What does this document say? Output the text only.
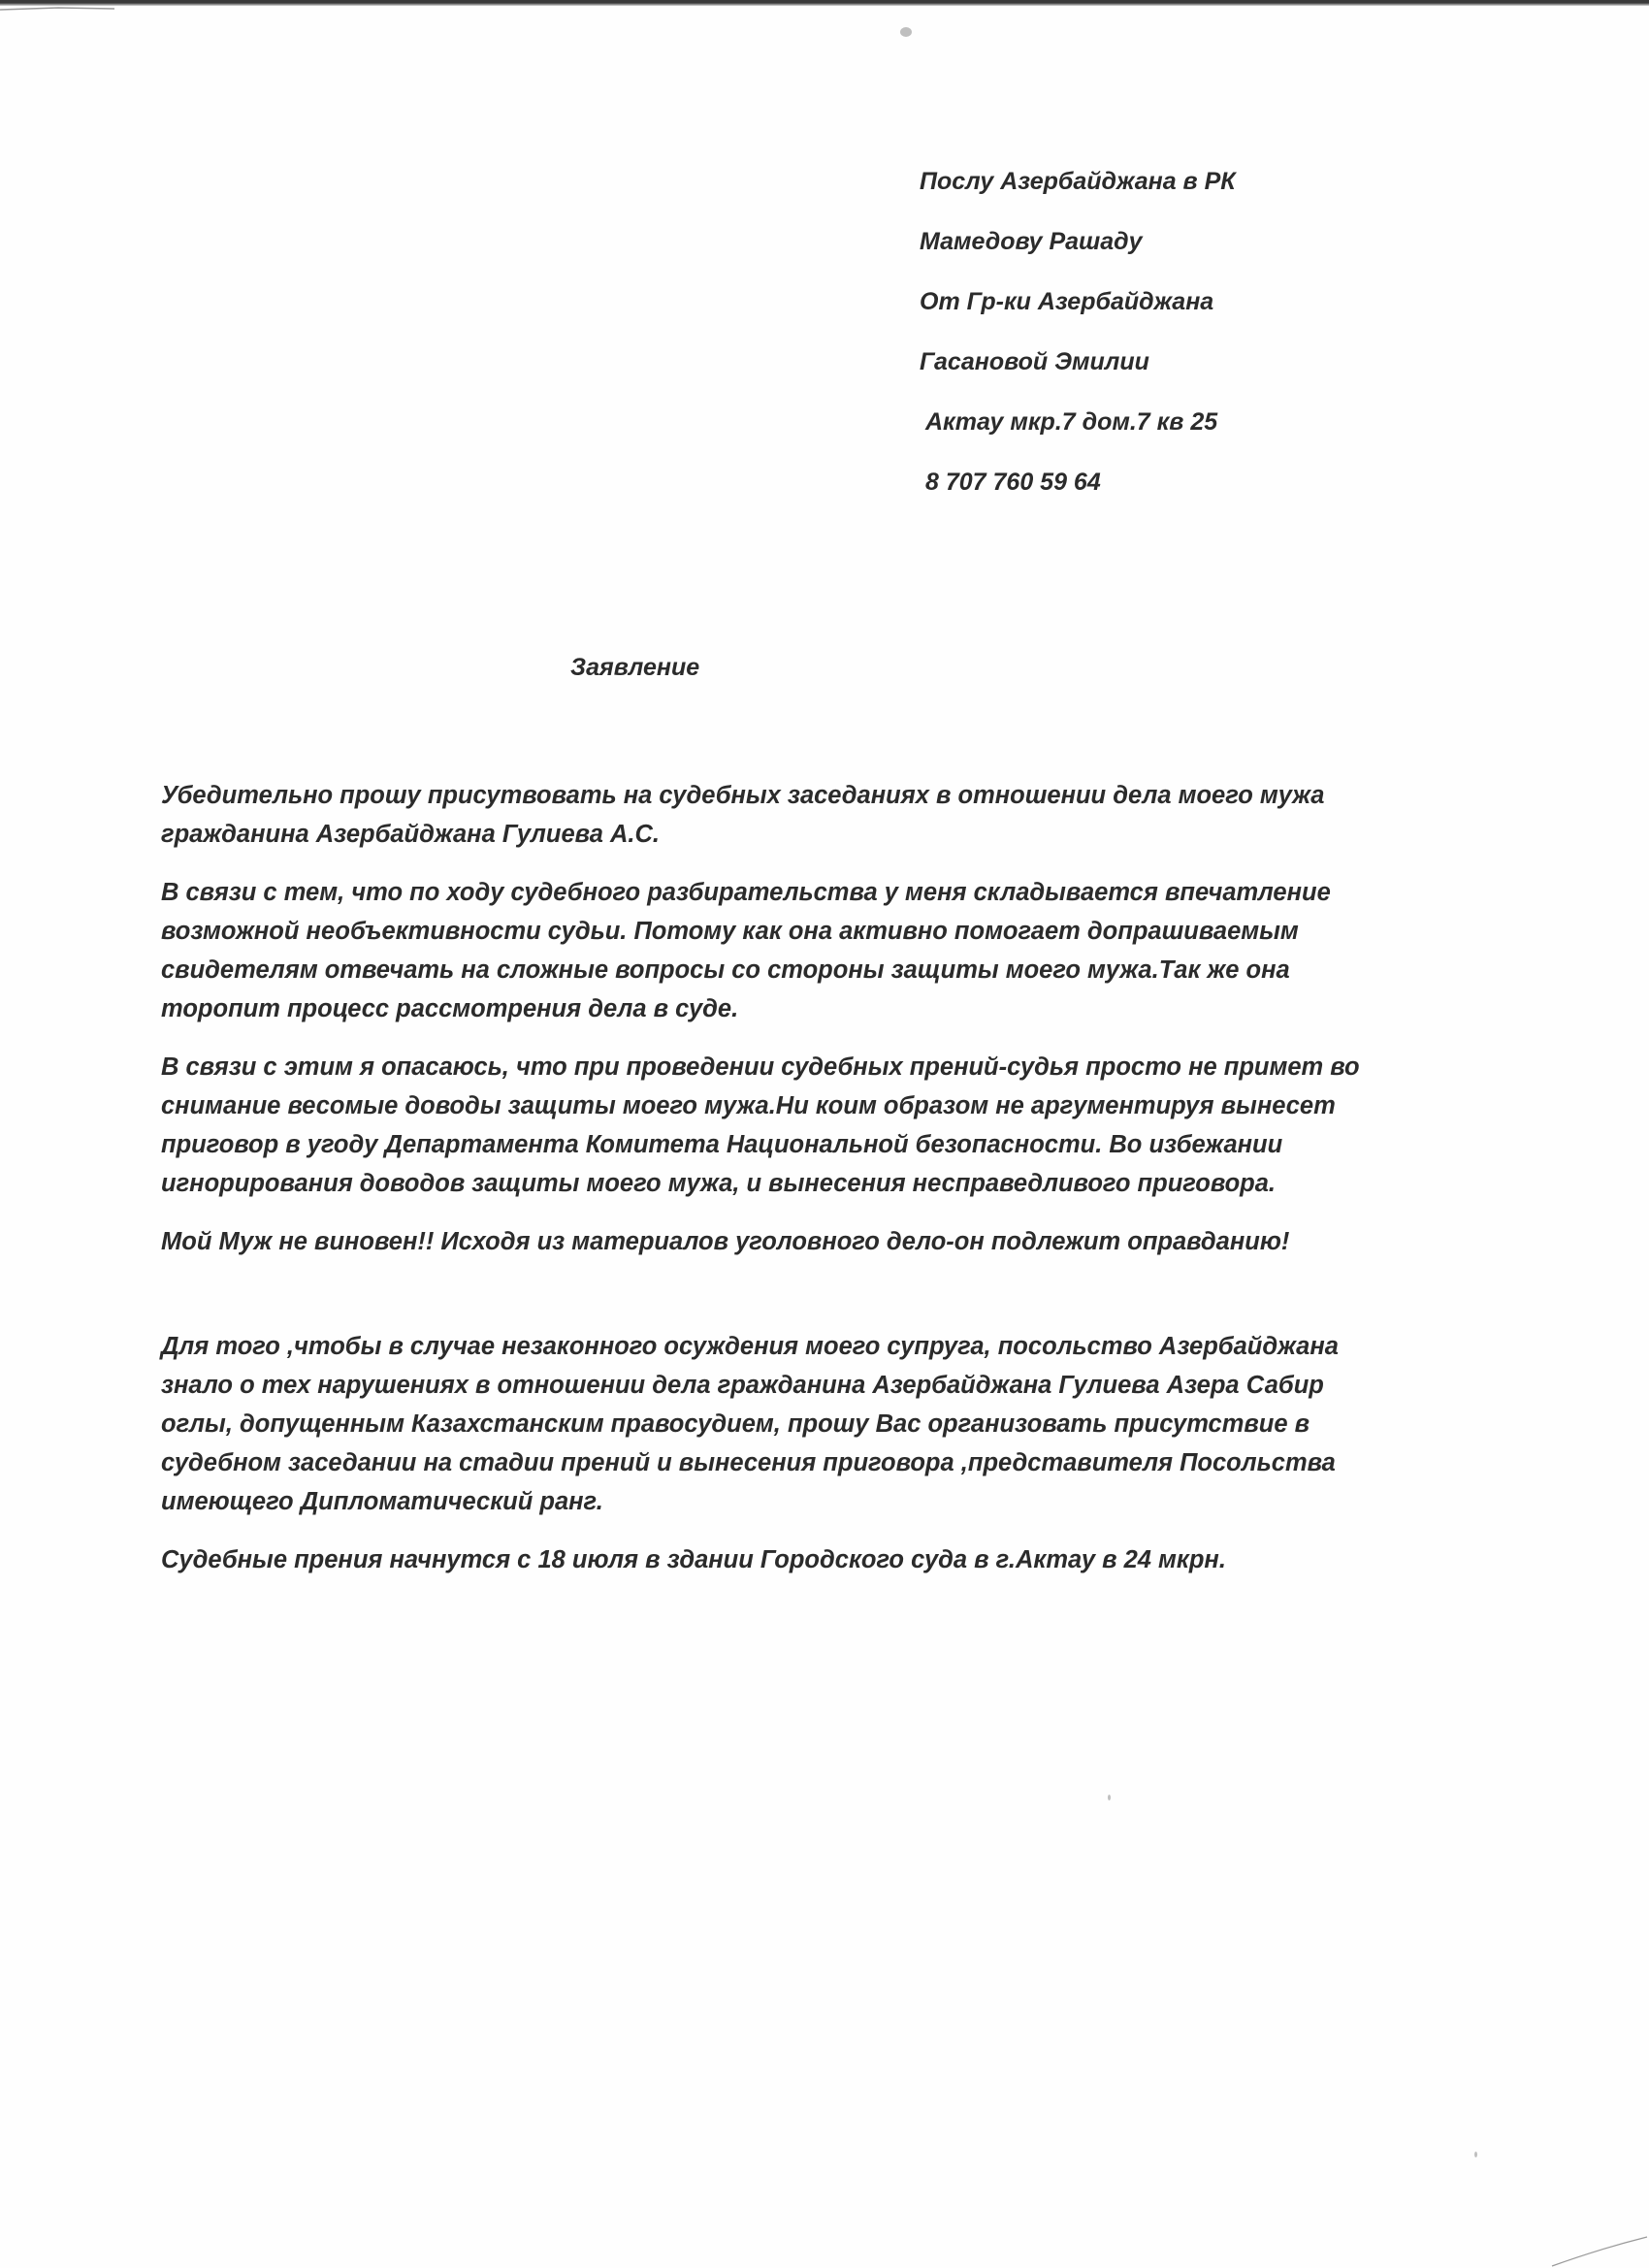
Послу Азербайджана в РК
Мамедову Рашаду
От Гр-ки Азербайджана
Гасановой Эмилии
Актау мкр.7 дом.7 кв 25
8 707 760 59 64
Заявление
Убедительно прошу присутвовать на судебных заседаниях в отношении дела моего мужа
гражданина Азербайджана Гулиева А.С.
В связи с тем, что по ходу судебного разбирательства у меня складывается впечатление
возможной необъективности судьи. Потому как она активно помогает допрашиваемым
свидетелям отвечать на сложные вопросы со стороны защиты моего мужа.Так же она
торопит процесс рассмотрения дела в суде.
В связи с этим я опасаюсь, что при проведении судебных прений-судья просто не примет во
снимание весомые доводы защиты моего мужа.Ни коим образом не аргументируя вынесет
приговор в угоду Департамента Комитета Национальной безопасности. Во избежании
игнорирования доводов защиты моего мужа, и вынесения несправедливого приговора.
Мой Муж не виновен!! Исходя из материалов уголовного дело-он подлежит оправданию!
Для того ,чтобы в случае незаконного осуждения моего супруга, посольство Азербайджана
знало о тех нарушениях в отношении дела гражданина Азербайджана Гулиева Азера Сабир
оглы, допущенным Казахстанским правосудием, прошу Вас организовать присутствие в
судебном заседании на стадии прений и вынесения приговора ,представителя Посольства
имеющего Дипломатический ранг.
Судебные прения начнутся с 18 июля в здании Городского суда в г.Актау в 24 мкрн.
